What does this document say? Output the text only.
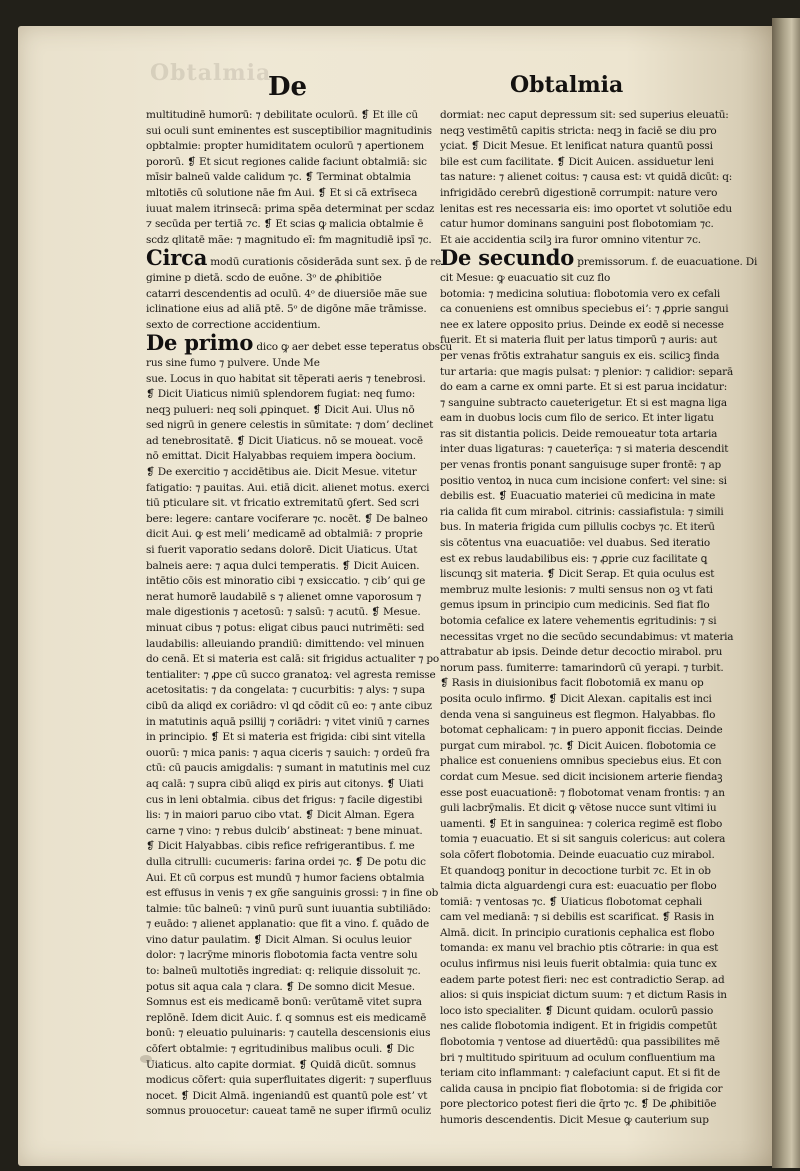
Obtalmia
De	Obtalmia
multitudinē humorū: ⁊ debilitate oculorū. ❡ Et ille cū
sui oculi sunt eminentes est susceptibilior magnitudinis
opbtalmie: propter humiditatem oculorū ⁊ apertionem
pororū. ❡ Et sicut regiones calide faciunt obtalmiā: sic
mīsir balneū valde calidum ⁊c. ❡ Terminat obtalmia
mltotiēs cū solutione nāe fm Aui. ❡ Et si cā extrīseca
iuuat malem itrinsecā: prima spēa determinat per scdaz
⁊ secūda per tertiā ⁊c. ❡ Et scias ꝙ malicia obtalmie ē
scdz qlitatē mãe: ⁊ magnitudo eī: fm magnitudiē ipsī ⁊c.
Circa modū curationis cōsiderāda sunt sex. p̄ de re
gimine p dietā. scdo de euōne. 3ᵒ de ꝓhibitiōe
catarri descendentis ad oculū. 4ᵒ de diuersiōe mãe sue
iclinatione eius ad aliā ptē. 5ᵒ de digōne mãe trāmisse.
sexto de correctione accidentium.
De primo dico ꝙ aer debet esse teperatus obscu
rus sine fumo ⁊ pulvere. Unde Me
sue. Locus in quo habitat sit tēperati aeris ⁊ tenebrosi.
❡ Dicit Uiaticus nimiū splendorem fugiat: neq fumo:
neqꝫ pulueri: neq soli ꝓpinquet. ❡ Dicit Aui. Ulus nō
sed nigrū in genere celestis in sūmitate: ⁊ domʼ declinet
ad tenebrositatē. ❡ Dicit Uiaticus. nō se moueat. vocē
nō emittat. Dicit Halyabbas requiem impera ꝺocium.
❡ De exercitio ⁊ accidētibus aie. Dicit Mesue. vitetur
fatigatio: ⁊ pauitas. Aui. etiā dicit. alienet motus. exerci
tiū pticulare sit. vt fricatio extremitatū ꝯfert. Sed scri
bere: legere: cantare vociferare ⁊c. nocēt. ❡ De balneo
dicit Aui. ꝙ est meliʼ medicamē ad obtalmiā: ⁊ proprie
si fuerit vaporatio sedans dolorē. Dicit Uiaticus. Utat
balneis aere: ⁊ aqua dulci temperatis. ❡ Dicit Auicen.
intētio cōis est minoratio cibi ⁊ exsiccatio. ⁊ cibʼ qui ge
nerat humorē laudabilē s ⁊ alienet omne vaporosum ⁊
male digestionis ⁊ acetosū: ⁊ salsū: ⁊ acutū. ❡ Mesue.
minuat cibus ⁊ potus: eligat cibus pauci nutrimēti: sed
laudabilis: alleuiando prandiū: dimittendo: vel minuen
do cenā. Et si materia est calā: sit frigidus actualiter ⁊ po
tentialiter: ⁊ ꝓpe cū succo granatoꝝ: vel agresta remisse
acetositatis: ⁊ da congelata: ⁊ cucurbitis: ⁊ alys: ⁊ supa
cibū da aliqd ex coriādro: vl ꝗd cōdit cū eo: ⁊ ante cibuz
in matutinis aquā psillij ⁊ coriādri: ⁊ vitet viniū ⁊ carnes
in principio. ❡ Et si materia est frigida: cibi sint vitella
ouorū: ⁊ mica panis: ⁊ aqua ciceris ⁊ sauich: ⁊ ordeū fra
ctū: cū paucis amigdalis: ⁊ sumant in matutinis mel cuz
aq calā: ⁊ supra cibū aliqd ex piris aut citonys. ❡ Uiati
cus in leni obtalmia. cibus det frigus: ⁊ facile digestibi
lis: ⁊ in maiori paruo cibo vtat. ❡ Dicit Alman. Egera
carne ⁊ vino: ⁊ rebus dulcibʼ abstineat: ⁊ bene minuat.
❡ Dicit Halyabbas. cibis refice refrigerantibus. f. me
dulla citrulli: cucumeris: farina ordei ⁊c. ❡ De potu dic
Aui. Et cū corpus est mundū ⁊ humor faciens obtalmia
est effusus in venis ⁊ ex gñe sanguinis grossi: ⁊ in fine ob
talmie: tūc balneū: ⁊ vinū purū sunt iuuantia subtiliādo:
⁊ euādo: ⁊ alienet applanatio: que fit a vino. f. quādo de
vino datur paulatim. ❡ Dicit Alman. Si oculus leuior
dolor: ⁊ lacrȳme minoris flobotomia facta ventre solu
to: balneū multotiēs ingrediat: q: reliquie dissoluit ⁊c.
potus sit aqua cala ⁊ clara. ❡ De somno dicit Mesue.
Somnus est eis medicamē bonū: verūtamē vitet supra
replōnē. Idem dicit Auic. f. q somnus est eis medicamē
bonū: ⁊ eleuatio puluinaris: ⁊ cautella descensionis eius
cōfert obtalmie: ⁊ egritudinibus malibus oculi. ❡ Dic
Uiaticus. alto capite dormiat. ❡ Quidā dicūt. somnus
modicus cōfert: quia superfluitates digerit: ⁊ superfluus
nocet. ❡ Dicit Almā. ingeniandū est quantū pole estʼ vt
somnus prouocetur: caueat tamē ne super ifirmū oculiz
dormiat: nec caput depressum sit: sed superius eleuatū:
neqꝫ vestimētū capitis stricta: neqꝫ in faciē se diu pro
yciat. ❡ Dicit Mesue. Et lenificat natura quantū possi
bile est cum facilitate. ❡ Dicit Auicen. assiduetur leni
tas nature: ⁊ alienet coitus: ⁊ causa est: vt quidā dicūt: q:
infrigidādo cerebrū digestionē corrumpit: nature vero
lenitas est res necessaria eis: imo oportet vt solutiōe edu
catur humor dominans sanguini post flobotomiam ⁊c.
Et aie accidentia scilꝫ ira furor omnino vitentur ⁊c.
De secundo premissorum. f. de euacuatione. Di
cit Mesue: ꝙ euacuatio sit cuz flo
botomia: ⁊ medicina solutiua: flobotomia vero ex cefali
ca conueniens est omnibus speciebus eiʼ: ⁊ ꝓprie sangui
nee ex latere opposito prius. Deinde ex eodē si necesse
fuerit. Et si materia fluit per latus timporū ⁊ auris: aut
per venas frōtis extrahatur sanguis ex eis. scilicꝫ finda
tur artaria: que magis pulsat: ⁊ plenior: ⁊ calidior: separā
do eam a carne ex omni parte. Et si est parua incidatur:
⁊ sanguine subtracto caueterigetur. Et si est magna liga
eam in duobus locis cum filo de serico. Et inter ligatu
ras sit distantia policis. Deide remoueatur tota artaria
inter duas ligaturas: ⁊ caueterīça: ⁊ si materia descendit
per venas frontis ponant sanguisuge super frontē: ⁊ ap
positio ventoꝝ in nuca cum incisione confert: vel sine: si
debilis est. ❡ Euacuatio materiei cū medicina in mate
ria calida fit cum mirabol. citrinis: cassiafistula: ⁊ simili
bus. In materia frigida cum pillulis cocbys ⁊c. Et iterū
sis cōtentus vna euacuatiōe: vel duabus. Sed iteratio
est ex rebus laudabilibus eis: ⁊ ꝓprie cuz facilitate ꝗ
liscunqꝫ sit materia. ❡ Dicit Serap. Et quia oculus est
membruz multe lesionis: ⁊ multi sensus non oꝫ vt fati
gemus ipsum in principio cum medicinis. Sed fiat flo
botomia cefalice ex latere vehementis egritudinis: ⁊ si
necessitas vrget no die secūdo secundabimus: vt materia
attrabatur ab ipsis. Deinde detur decoctio mirabol. pru
norum pass. fumiterre: tamarindorū cū yerapi. ⁊ turbit.
❡ Rasis in diuisionibus facit flobotomiā ex manu op
posita oculo infirmo. ❡ Dicit Alexan. capitalis est inci
denda vena si sanguineus est flegmon. Halyabbas. flo
botomat cephalicam: ⁊ in puero apponit ficcias. Deinde
purgat cum mirabol. ⁊c. ❡ Dicit Auicen. flobotomia ce
phalice est conueniens omnibus speciebus eius. Et con
cordat cum Mesue. sed dicit incisionem arterie fiendaꝫ
esse post euacuationē: ⁊ flobotomat venam frontis: ⁊ an
guli lacbrȳmalis. Et dicit ꝙ vētose nucce sunt vltimi iu
uamenti. ❡ Et in sanguinea: ⁊ colerica regimē est flobo
tomia ⁊ euacuatio. Et si sit sanguis colericus: aut colera
sola cōfert flobotomia. Deinde euacuatio cuz mirabol.
Et quandoqꝫ ponitur in decoctione turbit ⁊c. Et in ob
talmia dicta alguardengi cura est: euacuatio per flobo
tomiā: ⁊ ventosas ⁊c. ❡ Uiaticus flobotomat cephali
cam vel medianā: ⁊ si debilis est scarificat. ❡ Rasis in
Almā. dicit. In principio curationis cephalica est flobo
tomanda: ex manu vel brachio ptis cōtrarie: in qua est
oculus infirmus nisi leuis fuerit obtalmia: quia tunc ex
eadem parte potest fieri: nec est contradictio Serap. ad
alios: si quis inspiciat dictum suum: ⁊ et dictum Rasis in
loco isto specialiter. ❡ Dicunt quidam. oculorū passio
nes calide flobotomia indigent. Et in frigidis competūt
flobotomia ⁊ ventose ad diuertēdū: qua passibilites mē
bri ⁊ multitudo spirituum ad oculum confluentium ma
teriam cito inflammant: ⁊ calefaciunt caput. Et si fit de
calida causa in pncipio fiat flobotomia: si de frigida cor
pore plectorico potest fieri die q̄rto ⁊c. ❡ De ꝓhibitiōe
humoris descendentis. Dicit Mesue ꝙ cauterium sup
